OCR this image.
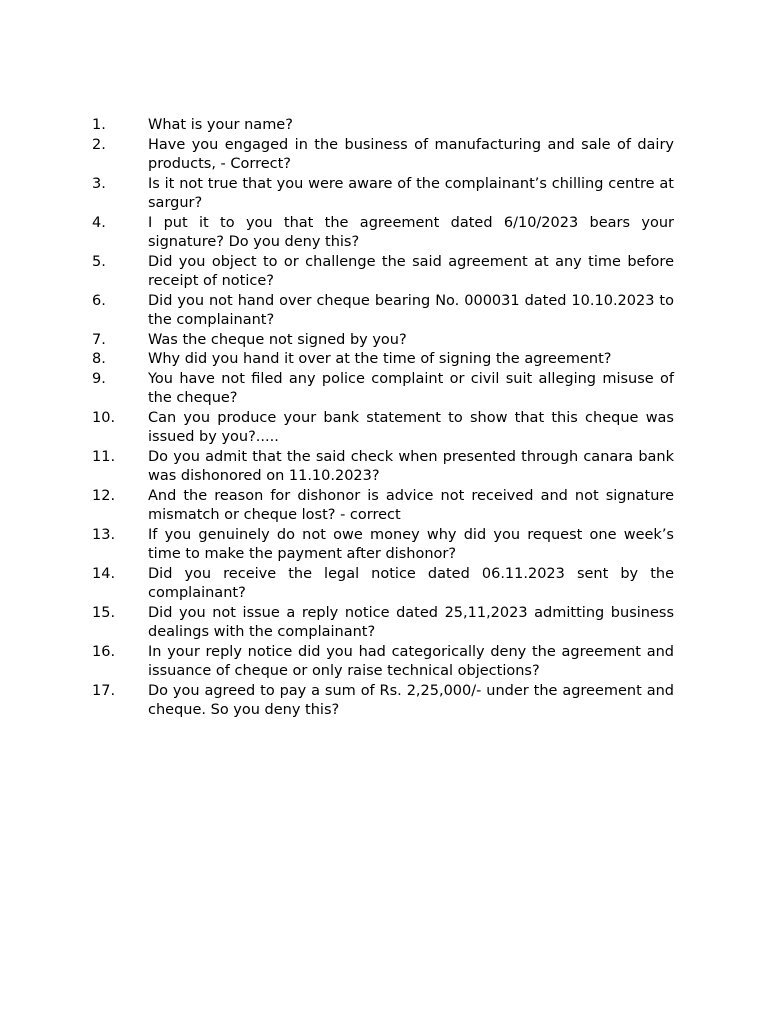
1.	What is your name?
2.	Have you engaged in the business of manufacturing and sale of dairy products, - Correct?
3.	Is it not true that you were aware of the complainant’s chilling centre at sargur?
4.	I put it to you that the agreement dated 6/10/2023 bears your signature? Do you deny this?
5.	Did you object to or challenge the said agreement at any time before receipt of notice?
6.	Did you not hand over cheque bearing No. 000031 dated 10.10.2023 to the complainant?
7.	Was the cheque not signed by you?
8.	Why did you hand it over at the time of signing the agreement?
9.	You have not filed any police complaint or civil suit alleging misuse of the cheque?
10.	Can you produce your bank statement to show that this cheque was issued by you?.....
11.	Do you admit that the said check when presented through canara bank was dishonored on 11.10.2023?
12.	And the reason for dishonor is advice not received and not signature mismatch or cheque lost? - correct
13.	If you genuinely do not owe money why did you request one week’s time to make the payment after dishonor?
14.	Did you receive the legal notice dated 06.11.2023 sent by the complainant?
15.	Did you not issue a reply notice dated 25,11,2023 admitting business dealings with the complainant?
16.	In your reply notice did you had categorically deny the agreement and issuance of cheque or only raise technical objections?
17.	Do you agreed to pay a sum of Rs. 2,25,000/- under the agreement and cheque. So you deny this?
